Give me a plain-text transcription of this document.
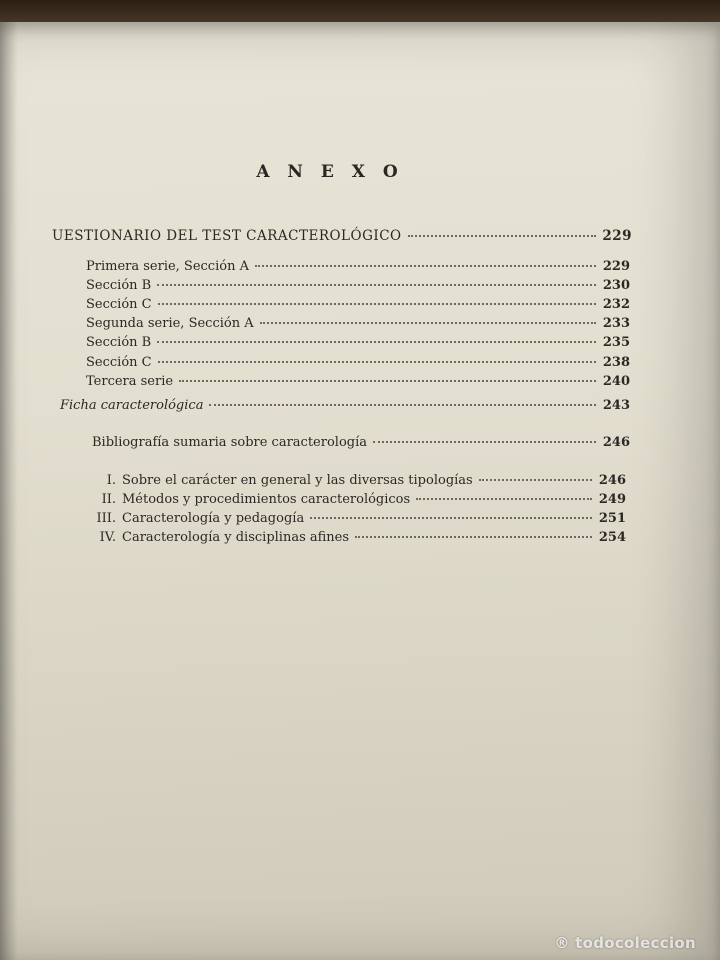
A N E X O
UESTIONARIO DEL TEST CARACTEROLÓGICO	229
Primera serie, Sección A	229
Sección B	230
Sección C	232
Segunda serie, Sección A	233
Sección B	235
Sección C	238
Tercera serie	240
Ficha caracterológica	243
Bibliografía sumaria sobre caracterología	246
I. Sobre el carácter en general y las diversas tipologías	246
II. Métodos y procedimientos caracterológicos	249
III. Caracterología y pedagogía	251
IV. Caracterología y disciplinas afines	254
® todocoleccion
